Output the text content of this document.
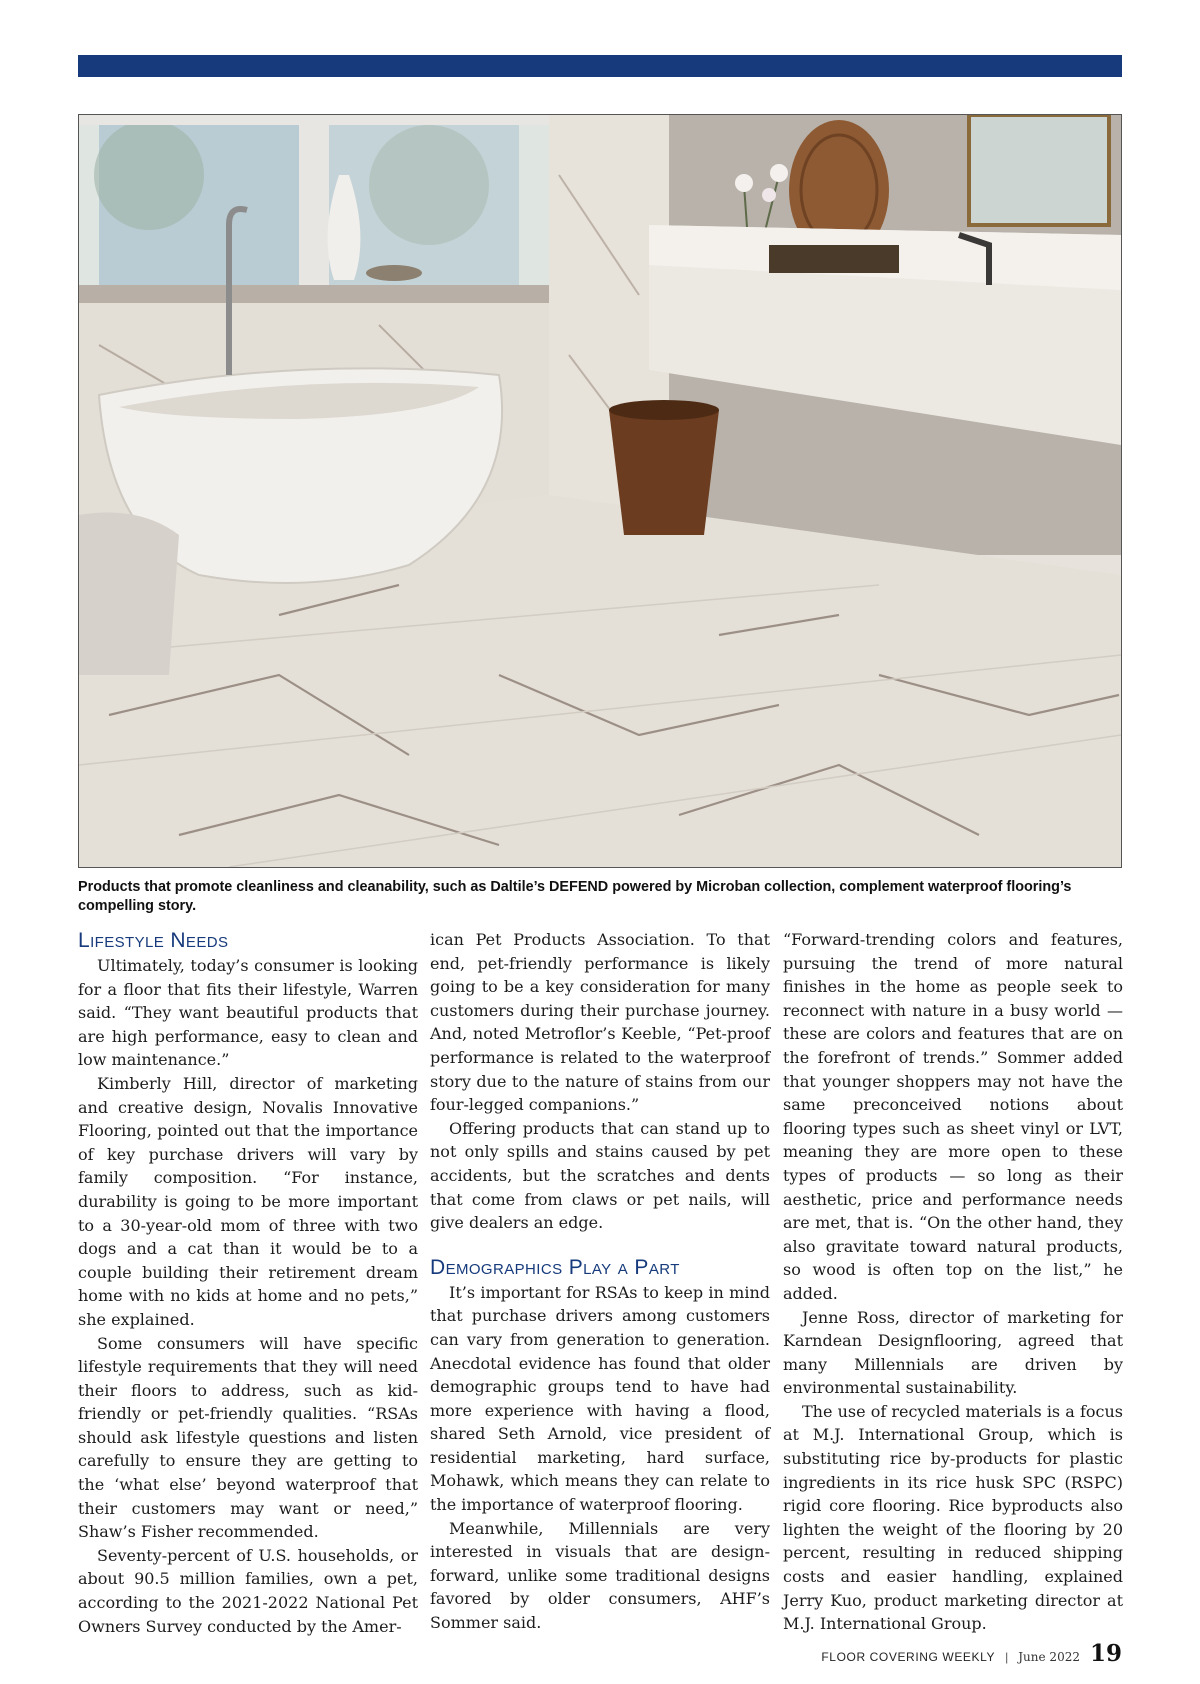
Products that promote cleanliness and cleanability, such as Daltile’s DEFEND powered by Microban collection, complement waterproof flooring’s compelling story.
Lifestyle Needs

Ultimately, today’s consumer is looking for a floor that fits their lifestyle, Warren said. “They want beautiful products that are high performance, easy to clean and low maintenance.”

Kimberly Hill, director of marketing and creative design, Novalis Innovative Flooring, pointed out that the importance of key purchase drivers will vary by family composition. “For instance, durability is going to be more important to a 30-year-old mom of three with two dogs and a cat than it would be to a couple building their retirement dream home with no kids at home and no pets,” she explained.

Some consumers will have specific lifestyle requirements that they will need their floors to address, such as kid-friendly or pet-friendly qualities. “RSAs should ask lifestyle questions and listen carefully to ensure they are getting to the ‘what else’ beyond waterproof that their customers may want or need,” Shaw’s Fisher recommended.

Seventy-percent of U.S. households, or about 90.5 million families, own a pet, according to the 2021-2022 National Pet Owners Survey conducted by the Amer-

ican Pet Products Association. To that end, pet-friendly performance is likely going to be a key consideration for many customers during their purchase journey. And, noted Metroflor’s Keeble, “Pet-proof performance is related to the waterproof story due to the nature of stains from our four-legged companions.”

Offering products that can stand up to not only spills and stains caused by pet accidents, but the scratches and dents that come from claws or pet nails, will give dealers an edge.

Demographics Play a Part

It’s important for RSAs to keep in mind that purchase drivers among customers can vary from generation to generation. Anecdotal evidence has found that older demographic groups tend to have had more experience with having a flood, shared Seth Arnold, vice president of residential marketing, hard surface, Mohawk, which means they can relate to the importance of waterproof flooring.

Meanwhile, Millennials are very interested in visuals that are design-forward, unlike some traditional designs favored by older consumers, AHF’s Sommer said.

“Forward-trending colors and features, pursuing the trend of more natural finishes in the home as people seek to reconnect with nature in a busy world — these are colors and features that are on the forefront of trends.” Sommer added that younger shoppers may not have the same preconceived notions about flooring types such as sheet vinyl or LVT, meaning they are more open to these types of products — so long as their aesthetic, price and performance needs are met, that is. “On the other hand, they also gravitate toward natural products, so wood is often top on the list,” he added.

Jenne Ross, director of marketing for Karndean Designflooring, agreed that many Millennials are driven by environmental sustainability.

The use of recycled materials is a focus at M.J. International Group, which is substituting rice by-products for plastic ingredients in its rice husk SPC (RSPC) rigid core flooring. Rice byproducts also lighten the weight of the flooring by 20 percent, resulting in reduced shipping costs and easier handling, explained Jerry Kuo, product marketing director at M.J. International Group.

FLOOR COVERING WEEKLY | June 2022 19
